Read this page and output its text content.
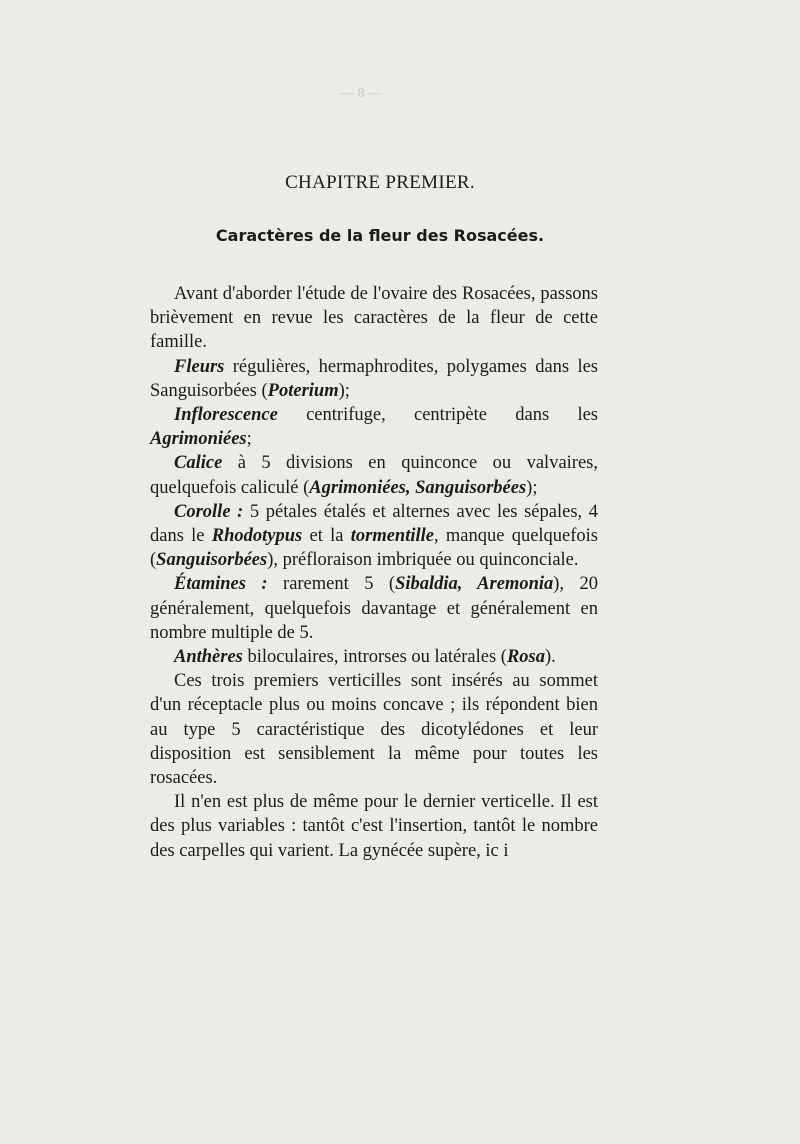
— 8 —
CHAPITRE PREMIER.
Caractères de la fleur des Rosacées.

Avant d'aborder l'étude de l'ovaire des Rosacées, passons brièvement en revue les caractères de la fleur de cette famille.

Fleurs régulières, hermaphrodites, polygames dans les Sanguisorbées (Poterium);

Inflorescence centrifuge, centripète dans les Agrimoniées;

Calice à 5 divisions en quinconce ou valvaires, quelquefois caliculé (Agrimoniées, Sanguisorbées);

Corolle : 5 pétales étalés et alternes avec les sépales, 4 dans le Rhodotypus et la tormentille, manque quelquefois (Sanguisorbées), préfloraison imbriquée ou quinconciale.

Étamines : rarement 5 (Sibaldia, Aremonia), 20 généralement, quelquefois davantage et généralement en nombre multiple de 5.

Anthères biloculaires, introrses ou latérales (Rosa).

Ces trois premiers verticilles sont insérés au sommet d'un réceptacle plus ou moins concave ; ils répondent bien au type 5 caractéristique des dicotylédones et leur disposition est sensiblement la même pour toutes les rosacées.

Il n'en est plus de même pour le dernier verticelle. Il est des plus variables : tantôt c'est l'insertion, tantôt le nombre des carpelles qui varient. La gynécée supère, ic i
